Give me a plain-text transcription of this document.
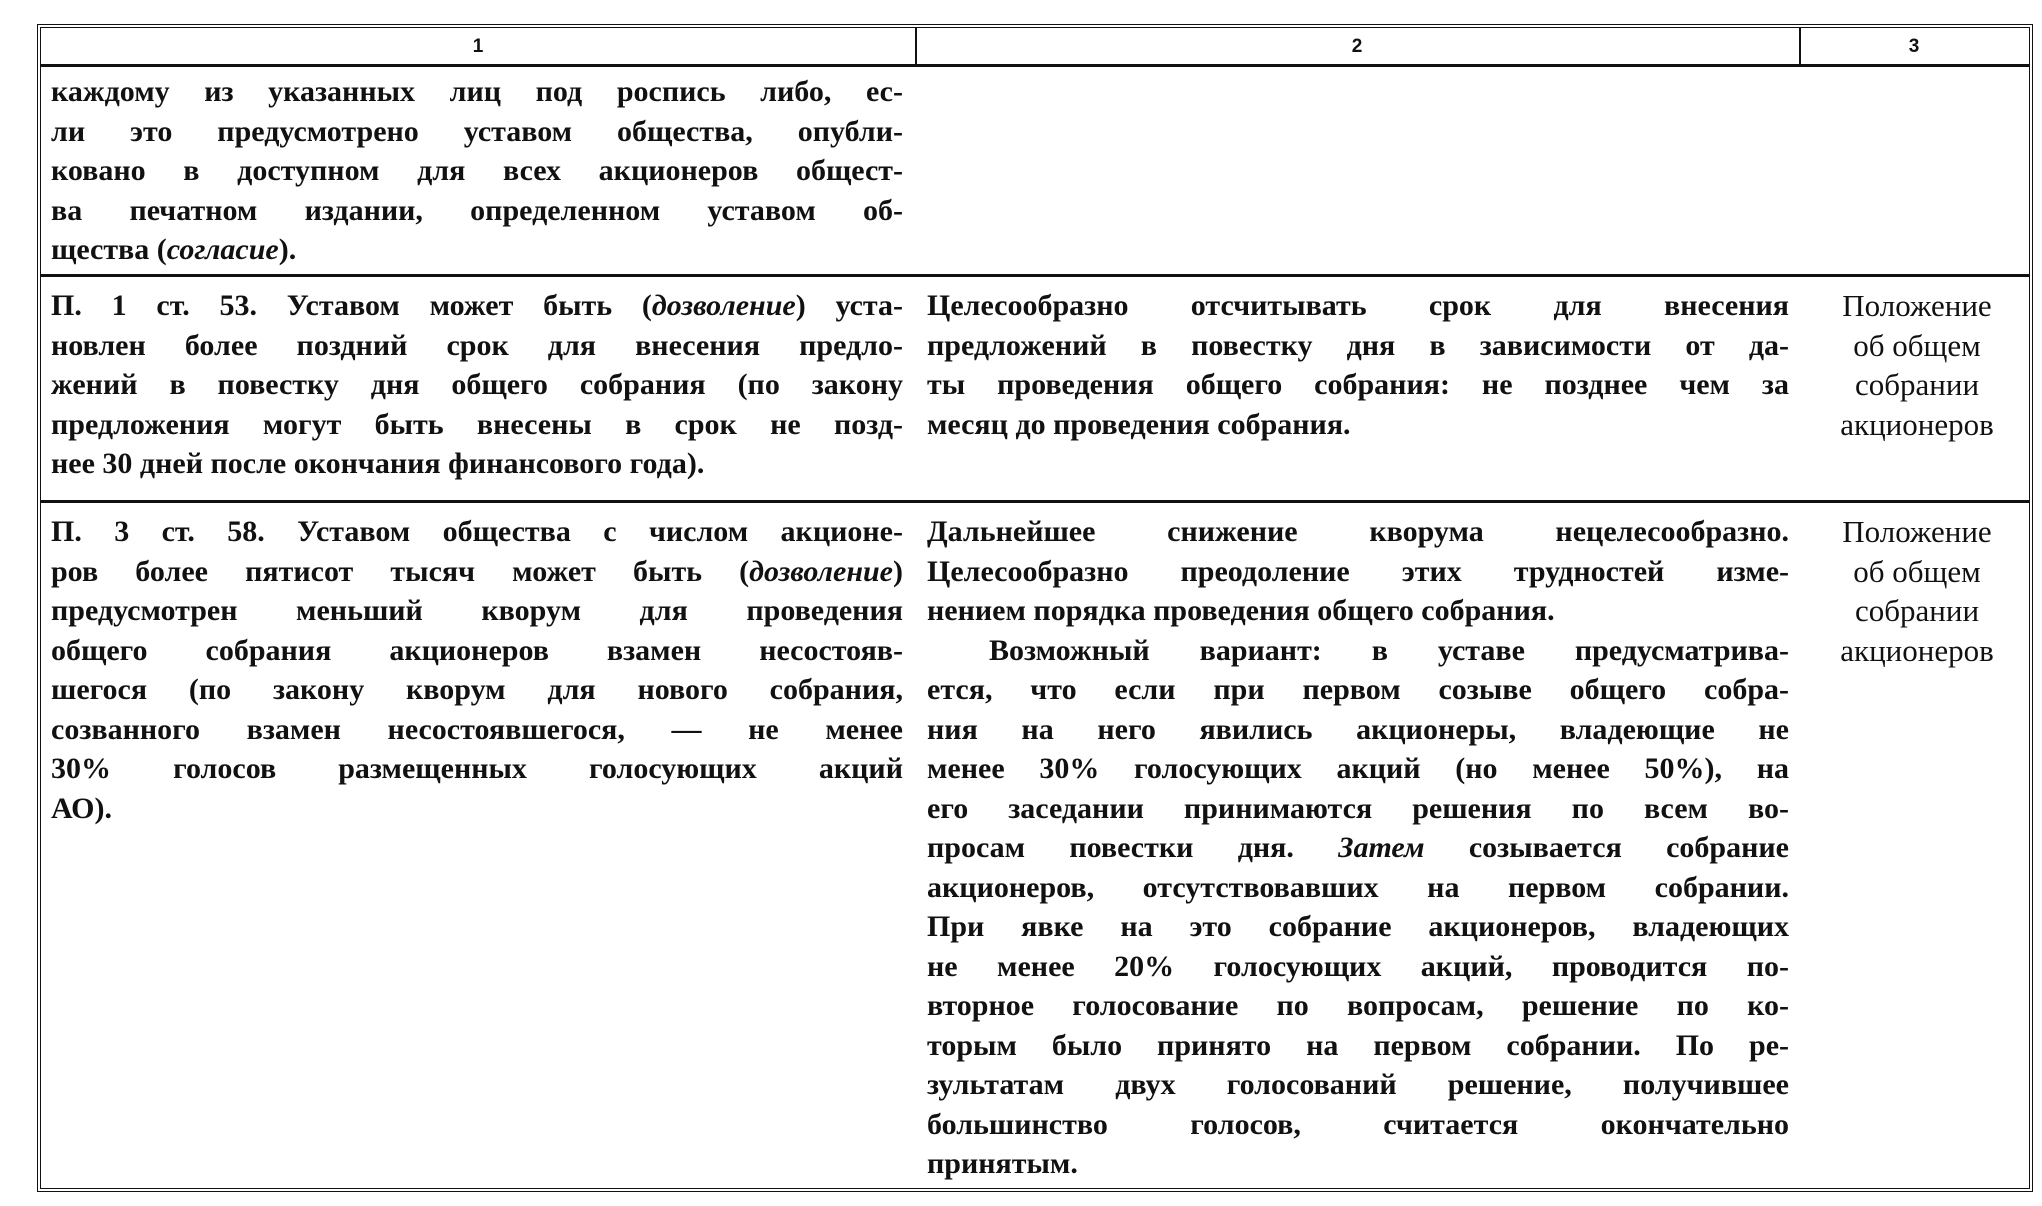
1	2	3
каждому из указанных лиц под роспись либо, ес-
ли это предусмотрено уставом общества, опубли-
ковано в доступном для всех акционеров общест-
ва печатном издании, определенном уставом об-
щества (согласие).
П. 1 ст. 53. Уставом может быть (дозволение) уста-
новлен более поздний срок для внесения предло-
жений в повестку дня общего собрания (по закону
предложения могут быть внесены в срок не позд-
нее 30 дней после окончания финансового года).
Целесообразно отсчитывать срок для внесения
предложений в повестку дня в зависимости от да-
ты проведения общего собрания: не позднее чем за
месяц до проведения собрания.
Положение
об общем
собрании
акционеров
П. 3 ст. 58. Уставом общества с числом акционе-
ров более пятисот тысяч может быть (дозволение)
предусмотрен меньший кворум для проведения
общего собрания акционеров взамен несостояв-
шегося (по закону кворум для нового собрания,
созванного взамен несостоявшегося, — не менее
30% голосов размещенных голосующих акций
АО).
Дальнейшее снижение кворума нецелесообразно.
Целесообразно преодоление этих трудностей изме-
нением порядка проведения общего собрания.
Возможный вариант: в уставе предусматрива-
ется, что если при первом созыве общего собра-
ния на него явились акционеры, владеющие не
менее 30% голосующих акций (но менее 50%), на
его заседании принимаются решения по всем во-
просам повестки дня. Затем созывается собрание
акционеров, отсутствовавших на первом собрании.
При явке на это собрание акционеров, владеющих
не менее 20% голосующих акций, проводится по-
вторное голосование по вопросам, решение по ко-
торым было принято на первом собрании. По ре-
зультатам двух голосований решение, получившее
большинство голосов, считается окончательно
принятым.
Положение
об общем
собрании
акционеров
